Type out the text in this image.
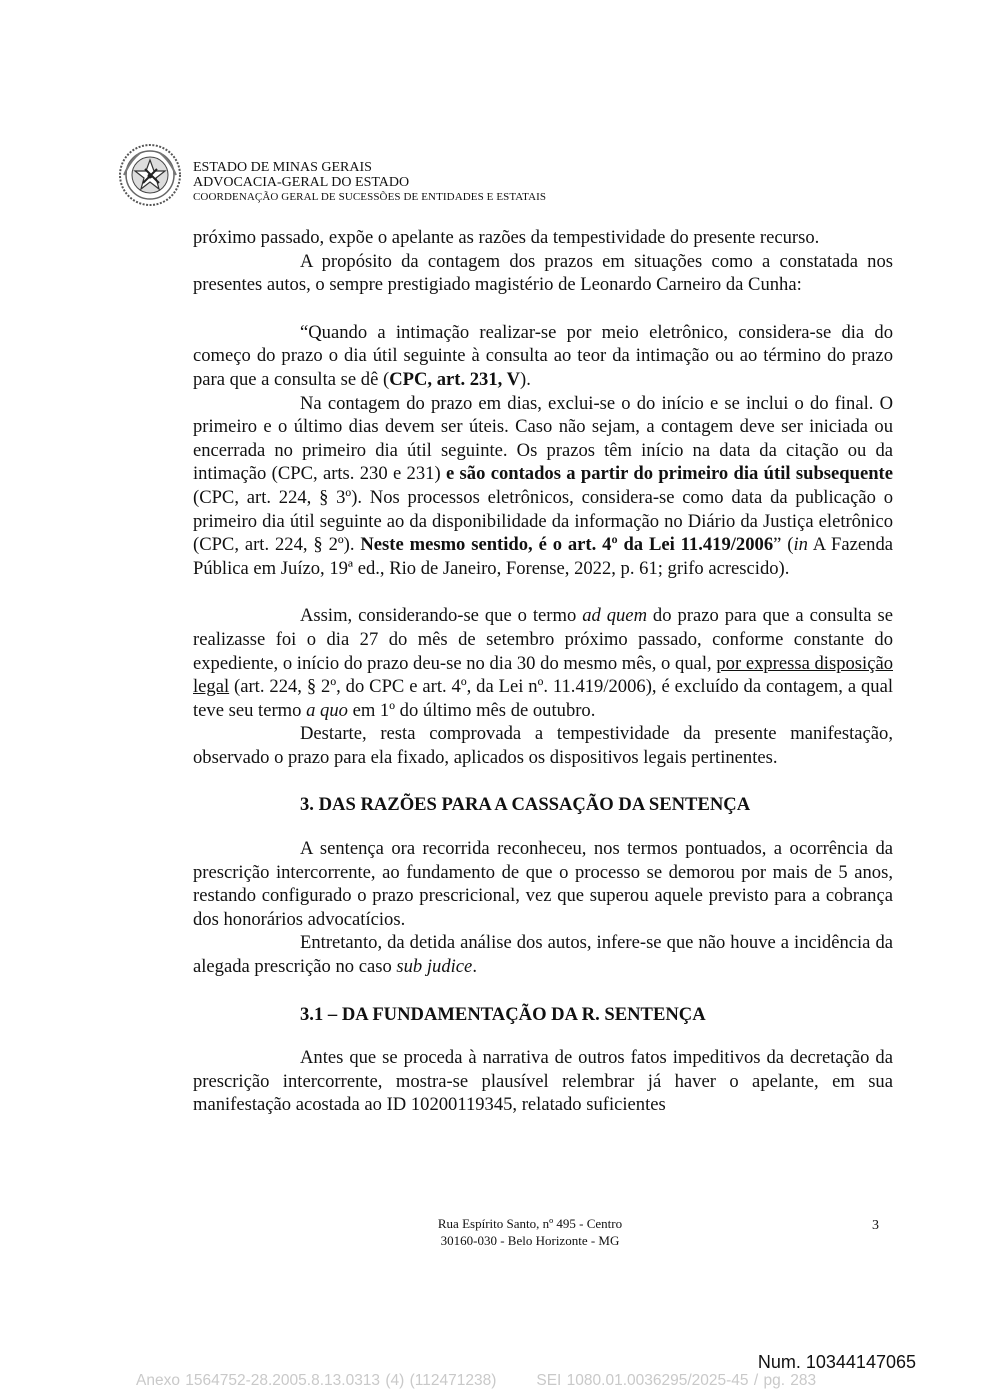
ESTADO DE MINAS GERAIS
ADVOCACIA-GERAL DO ESTADO
COORDENAÇÃO GERAL DE SUCESSÕES DE ENTIDADES E ESTATAIS

próximo passado, expõe o apelante as razões da tempestividade do presente recurso.

A propósito da contagem dos prazos em situações como a constatada nos presentes autos, o sempre prestigiado magistério de Leonardo Carneiro da Cunha:

“Quando a intimação realizar-se por meio eletrônico, considera-se dia do começo do prazo o dia útil seguinte à consulta ao teor da intimação ou ao término do prazo para que a consulta se dê (CPC, art. 231, V).

Na contagem do prazo em dias, exclui-se o do início e se inclui o do final. O primeiro e o último dias devem ser úteis. Caso não sejam, a contagem deve ser iniciada ou encerrada no primeiro dia útil seguinte. Os prazos têm início na data da citação ou da intimação (CPC, arts. 230 e 231) e são contados a partir do primeiro dia útil subsequente (CPC, art. 224, § 3º). Nos processos eletrônicos, considera-se como data da publicação o primeiro dia útil seguinte ao da disponibilidade da informação no Diário da Justiça eletrônico (CPC, art. 224, § 2º). Neste mesmo sentido, é o art. 4º da Lei 11.419/2006” (in A Fazenda Pública em Juízo, 19ª ed., Rio de Janeiro, Forense, 2022, p. 61; grifo acrescido).

Assim, considerando-se que o termo ad quem do prazo para que a consulta se realizasse foi o dia 27 do mês de setembro próximo passado, conforme constante do expediente, o início do prazo deu-se no dia 30 do mesmo mês, o qual, por expressa disposição legal (art. 224, § 2º, do CPC e art. 4º, da Lei nº. 11.419/2006), é excluído da contagem, a qual teve seu termo a quo em 1º do último mês de outubro.

Destarte, resta comprovada a tempestividade da presente manifestação, observado o prazo para ela fixado, aplicados os dispositivos legais pertinentes.

3. DAS RAZÕES PARA A CASSAÇÃO DA SENTENÇA

A sentença ora recorrida reconheceu, nos termos pontuados, a ocorrência da prescrição intercorrente, ao fundamento de que o processo se demorou por mais de 5 anos, restando configurado o prazo prescricional, vez que superou aquele previsto para a cobrança dos honorários advocatícios.

Entretanto, da detida análise dos autos, infere-se que não houve a incidência da alegada prescrição no caso sub judice.

3.1 – DA FUNDAMENTAÇÃO DA R. SENTENÇA

Antes que se proceda à narrativa de outros fatos impeditivos da decretação da prescrição intercorrente, mostra-se plausível relembrar já haver o apelante, em sua manifestação acostada ao ID 10200119345, relatado suficientes

Rua Espírito Santo, nº 495 - Centro
30160-030 - Belo Horizonte - MG
3
Num. 10344147065
Anexo 1564752-28.2005.8.13.0313 (4) (112471238)	SEI 1080.01.0036295/2025-45 / pg. 283
